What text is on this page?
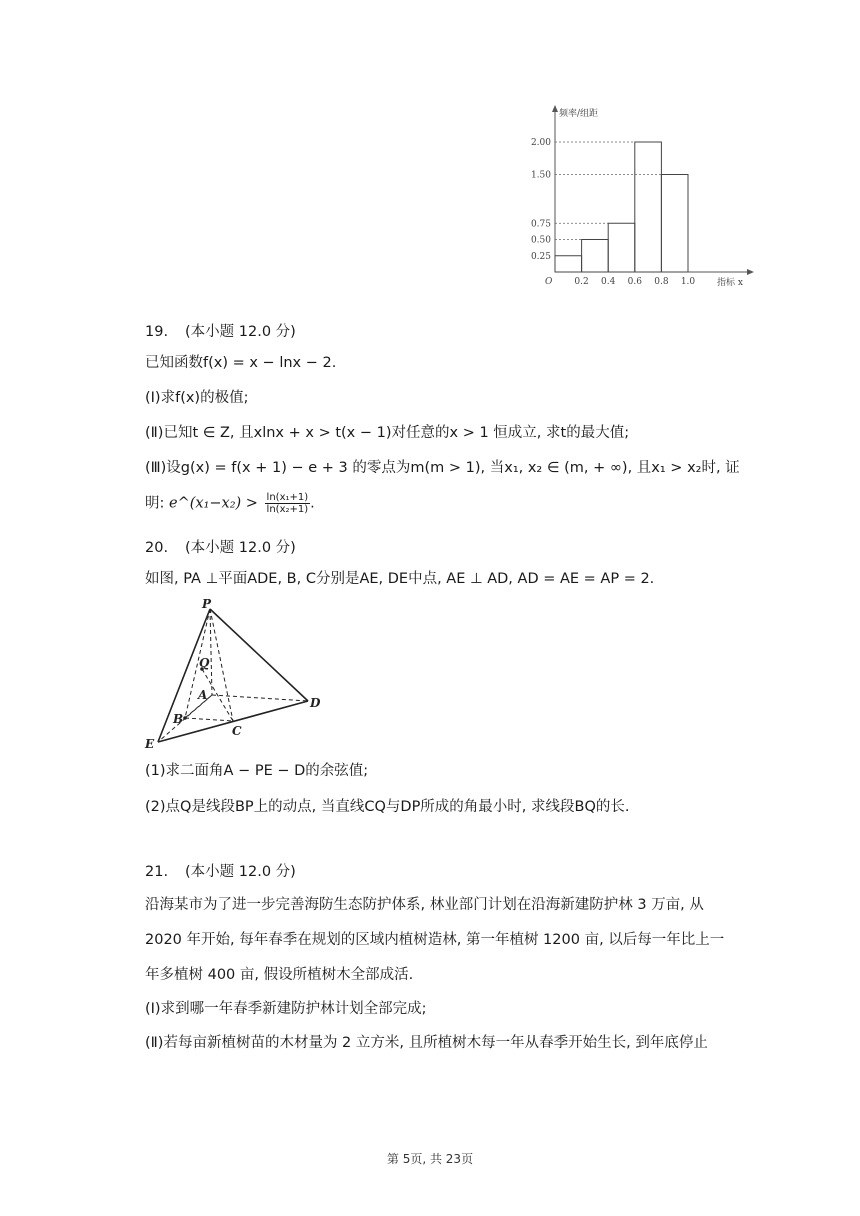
频率/组距
指标 x
O
2.00
1.50
0.75
0.50
0.25
0.2 0.4 0.6 0.8 1.0
19. (本小题 12.0 分)
已知函数f(x) = x − lnx − 2.
(Ⅰ)求f(x)的极值;
(Ⅱ)已知t ∈ Z, 且xlnx + x > t(x − 1)对任意的x > 1 恒成立, 求t的最大值;
(Ⅲ)设g(x) = f(x + 1) − e + 3 的零点为m(m > 1), 当x₁, x₂ ∈ (m, + ∞), 且x₁ > x₂时, 证
明: e^(x₁−x₂) > $\frac{\text{ln(x₁+1)}}{\text{ln(x₂+1)}}$ .
20. (本小题 12.0 分)
如图, PA ⊥平面ADE, B, C分别是AE, DE中点, AE ⊥ AD, AD = AE = AP = 2.
P
Q
A
B
C
D
E
(1)求二面角A − PE − D的余弦值;
(2)点Q是线段BP上的动点, 当直线CQ与DP所成的角最小时, 求线段BQ的长.
21. (本小题 12.0 分)
沿海某市为了进一步完善海防生态防护体系, 林业部门计划在沿海新建防护林 3 万亩, 从
2020 年开始, 每年春季在规划的区域内植树造林, 第一年植树 1200 亩, 以后每一年比上一
年多植树 400 亩, 假设所植树木全部成活.
(Ⅰ)求到哪一年春季新建防护林计划全部完成;
(Ⅱ)若每亩新植树苗的木材量为 2 立方米, 且所植树木每一年从春季开始生长, 到年底停止
第 5页, 共 23页
